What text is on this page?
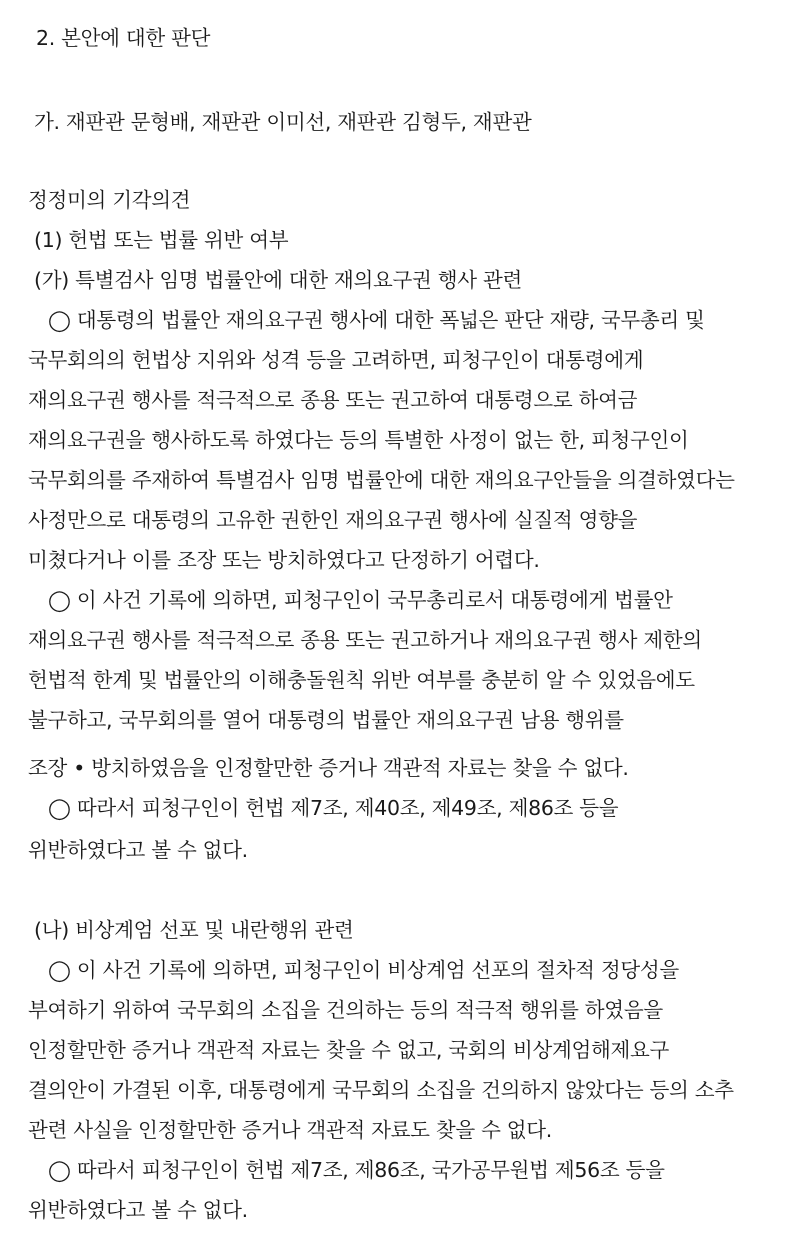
2. 본안에 대한 판단
가. 재판관 문형배, 재판관 이미선, 재판관 김형두, 재판관
정정미의 기각의견
(1) 헌법 또는 법률 위반 여부
(가) 특별검사 임명 법률안에 대한 재의요구권 행사 관련
◯ 대통령의 법률안 재의요구권 행사에 대한 폭넓은 판단 재량, 국무총리 및
국무회의의 헌법상 지위와 성격 등을 고려하면, 피청구인이 대통령에게
재의요구권 행사를 적극적으로 종용 또는 권고하여 대통령으로 하여금
재의요구권을 행사하도록 하였다는 등의 특별한 사정이 없는 한, 피청구인이
국무회의를 주재하여 특별검사 임명 법률안에 대한 재의요구안들을 의결하였다는
사정만으로 대통령의 고유한 권한인 재의요구권 행사에 실질적 영향을
미쳤다거나 이를 조장 또는 방치하였다고 단정하기 어렵다.
◯ 이 사건 기록에 의하면, 피청구인이 국무총리로서 대통령에게 법률안
재의요구권 행사를 적극적으로 종용 또는 권고하거나 재의요구권 행사 제한의
헌법적 한계 및 법률안의 이해충돌원칙 위반 여부를 충분히 알 수 있었음에도
불구하고, 국무회의를 열어 대통령의 법률안 재의요구권 남용 행위를
조장 • 방치하였음을 인정할만한 증거나 객관적 자료는 찾을 수 없다.
◯ 따라서 피청구인이 헌법 제7조, 제40조, 제49조, 제86조 등을
위반하였다고 볼 수 없다.
(나) 비상계엄 선포 및 내란행위 관련
◯ 이 사건 기록에 의하면, 피청구인이 비상계엄 선포의 절차적 정당성을
부여하기 위하여 국무회의 소집을 건의하는 등의 적극적 행위를 하였음을
인정할만한 증거나 객관적 자료는 찾을 수 없고, 국회의 비상계엄해제요구
결의안이 가결된 이후, 대통령에게 국무회의 소집을 건의하지 않았다는 등의 소추
관련 사실을 인정할만한 증거나 객관적 자료도 찾을 수 없다.
◯ 따라서 피청구인이 헌법 제7조, 제86조, 국가공무원법 제56조 등을
위반하였다고 볼 수 없다.
